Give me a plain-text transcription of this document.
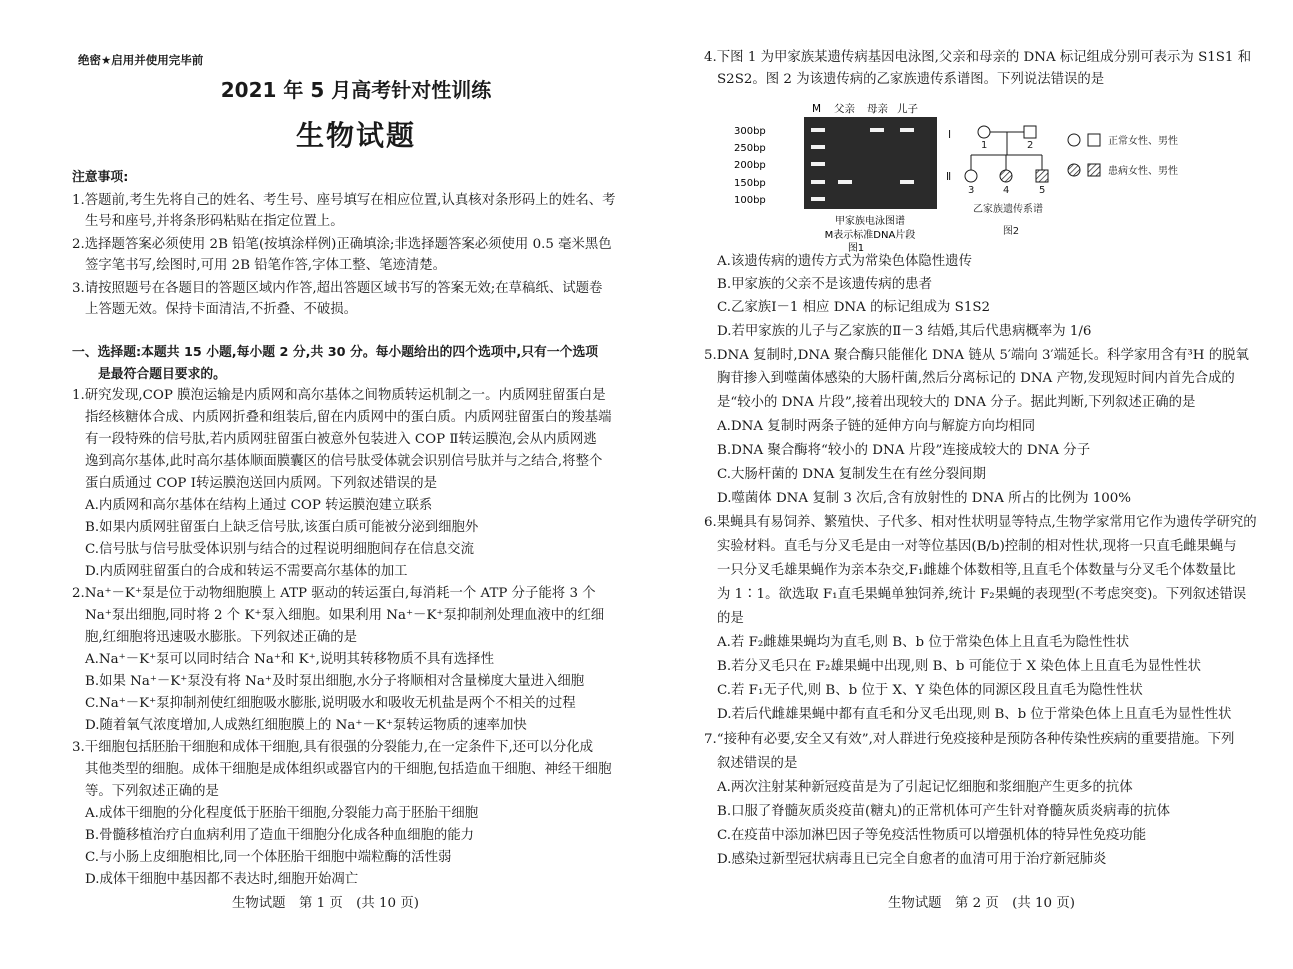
绝密★启用并使用完毕前
2021 年 5 月高考针对性训练
生物试题
注意事项:
1.答题前,考生先将自己的姓名、考生号、座号填写在相应位置,认真核对条形码上的姓名、考
生号和座号,并将条形码粘贴在指定位置上。
2.选择题答案必须使用 2B 铅笔(按填涂样例)正确填涂;非选择题答案必须使用 0.5 毫米黑色
签字笔书写,绘图时,可用 2B 铅笔作答,字体工整、笔迹清楚。
3.请按照题号在各题目的答题区域内作答,超出答题区域书写的答案无效;在草稿纸、试题卷
上答题无效。保持卡面清洁,不折叠、不破损。
一、选择题:本题共 15 小题,每小题 2 分,共 30 分。每小题给出的四个选项中,只有一个选项
是最符合题目要求的。
1.研究发现,COP 膜泡运输是内质网和高尔基体之间物质转运机制之一。内质网驻留蛋白是
指经核糖体合成、内质网折叠和组装后,留在内质网中的蛋白质。内质网驻留蛋白的羧基端
有一段特殊的信号肽,若内质网驻留蛋白被意外包装进入 COP Ⅱ转运膜泡,会从内质网逃
逸到高尔基体,此时高尔基体顺面膜囊区的信号肽受体就会识别信号肽并与之结合,将整个
蛋白质通过 COP Ⅰ转运膜泡送回内质网。下列叙述错误的是
A.内质网和高尔基体在结构上通过 COP 转运膜泡建立联系
B.如果内质网驻留蛋白上缺乏信号肽,该蛋白质可能被分泌到细胞外
C.信号肽与信号肽受体识别与结合的过程说明细胞间存在信息交流
D.内质网驻留蛋白的合成和转运不需要高尔基体的加工
2.Na⁺－K⁺泵是位于动物细胞膜上 ATP 驱动的转运蛋白,每消耗一个 ATP 分子能将 3 个
Na⁺泵出细胞,同时将 2 个 K⁺泵入细胞。如果利用 Na⁺－K⁺泵抑制剂处理血液中的红细
胞,红细胞将迅速吸水膨胀。下列叙述正确的是
A.Na⁺－K⁺泵可以同时结合 Na⁺和 K⁺,说明其转移物质不具有选择性
B.如果 Na⁺－K⁺泵没有将 Na⁺及时泵出细胞,水分子将顺相对含量梯度大量进入细胞
C.Na⁺－K⁺泵抑制剂使红细胞吸水膨胀,说明吸水和吸收无机盐是两个不相关的过程
D.随着氧气浓度增加,人成熟红细胞膜上的 Na⁺－K⁺泵转运物质的速率加快
3.干细胞包括胚胎干细胞和成体干细胞,具有很强的分裂能力,在一定条件下,还可以分化成
其他类型的细胞。成体干细胞是成体组织或器官内的干细胞,包括造血干细胞、神经干细胞
等。下列叙述正确的是
A.成体干细胞的分化程度低于胚胎干细胞,分裂能力高于胚胎干细胞
B.骨髓移植治疗白血病利用了造血干细胞分化成各种血细胞的能力
C.与小肠上皮细胞相比,同一个体胚胎干细胞中端粒酶的活性弱
D.成体干细胞中基因都不表达时,细胞开始凋亡
4.下图 1 为甲家族某遗传病基因电泳图,父亲和母亲的 DNA 标记组成分别可表示为 S1S1 和
S2S2。图 2 为该遗传病的乙家族遗传系谱图。下列说法错误的是
A.该遗传病的遗传方式为常染色体隐性遗传
B.甲家族的父亲不是该遗传病的患者
C.乙家族Ⅰ－1 相应 DNA 的标记组成为 S1S2
D.若甲家族的儿子与乙家族的Ⅱ－3 结婚,其后代患病概率为 1/6
5.DNA 复制时,DNA 聚合酶只能催化 DNA 链从 5′端向 3′端延长。科学家用含有³H 的脱氧
胸苷掺入到噬菌体感染的大肠杆菌,然后分离标记的 DNA 产物,发现短时间内首先合成的
是“较小的 DNA 片段”,接着出现较大的 DNA 分子。据此判断,下列叙述正确的是
A.DNA 复制时两条子链的延伸方向与解旋方向均相同
B.DNA 聚合酶将“较小的 DNA 片段”连接成较大的 DNA 分子
C.大肠杆菌的 DNA 复制发生在有丝分裂间期
D.噬菌体 DNA 复制 3 次后,含有放射性的 DNA 所占的比例为 100%
6.果蝇具有易饲养、繁殖快、子代多、相对性状明显等特点,生物学家常用它作为遗传学研究的
实验材料。直毛与分叉毛是由一对等位基因(B/b)控制的相对性状,现将一只直毛雌果蝇与
一只分叉毛雄果蝇作为亲本杂交,F₁雌雄个体数相等,且直毛个体数量与分叉毛个体数量比
为 1∶1。欲选取 F₁直毛果蝇单独饲养,统计 F₂果蝇的表现型(不考虑突变)。下列叙述错误
的是
A.若 F₂雌雄果蝇均为直毛,则 B、b 位于常染色体上且直毛为隐性性状
B.若分叉毛只在 F₂雄果蝇中出现,则 B、b 可能位于 X 染色体上且直毛为显性性状
C.若 F₁无子代,则 B、b 位于 X、Y 染色体的同源区段且直毛为隐性性状
D.若后代雌雄果蝇中都有直毛和分叉毛出现,则 B、b 位于常染色体上且直毛为显性性状
7.“接种有必要,安全又有效”,对人群进行免疫接种是预防各种传染性疾病的重要措施。下列
叙述错误的是
A.两次注射某种新冠疫苗是为了引起记忆细胞和浆细胞产生更多的抗体
B.口服了脊髓灰质炎疫苗(糖丸)的正常机体可产生针对脊髓灰质炎病毒的抗体
C.在疫苗中添加淋巴因子等免疫活性物质可以增强机体的特异性免疫功能
D.感染过新型冠状病毒且已完全自愈者的血清可用于治疗新冠肺炎
M 父亲 母亲 儿子
300bp
250bp
200bp
150bp
100bp
甲家族电泳图谱
M表示标准DNA片段
图1
Ⅰ
Ⅱ
1	2
3	4	5
正常女性、男性
患病女性、男性
乙家族遗传系谱
图2
生物试题　第 1 页　(共 10 页)	生物试题　第 2 页　(共 10 页)
